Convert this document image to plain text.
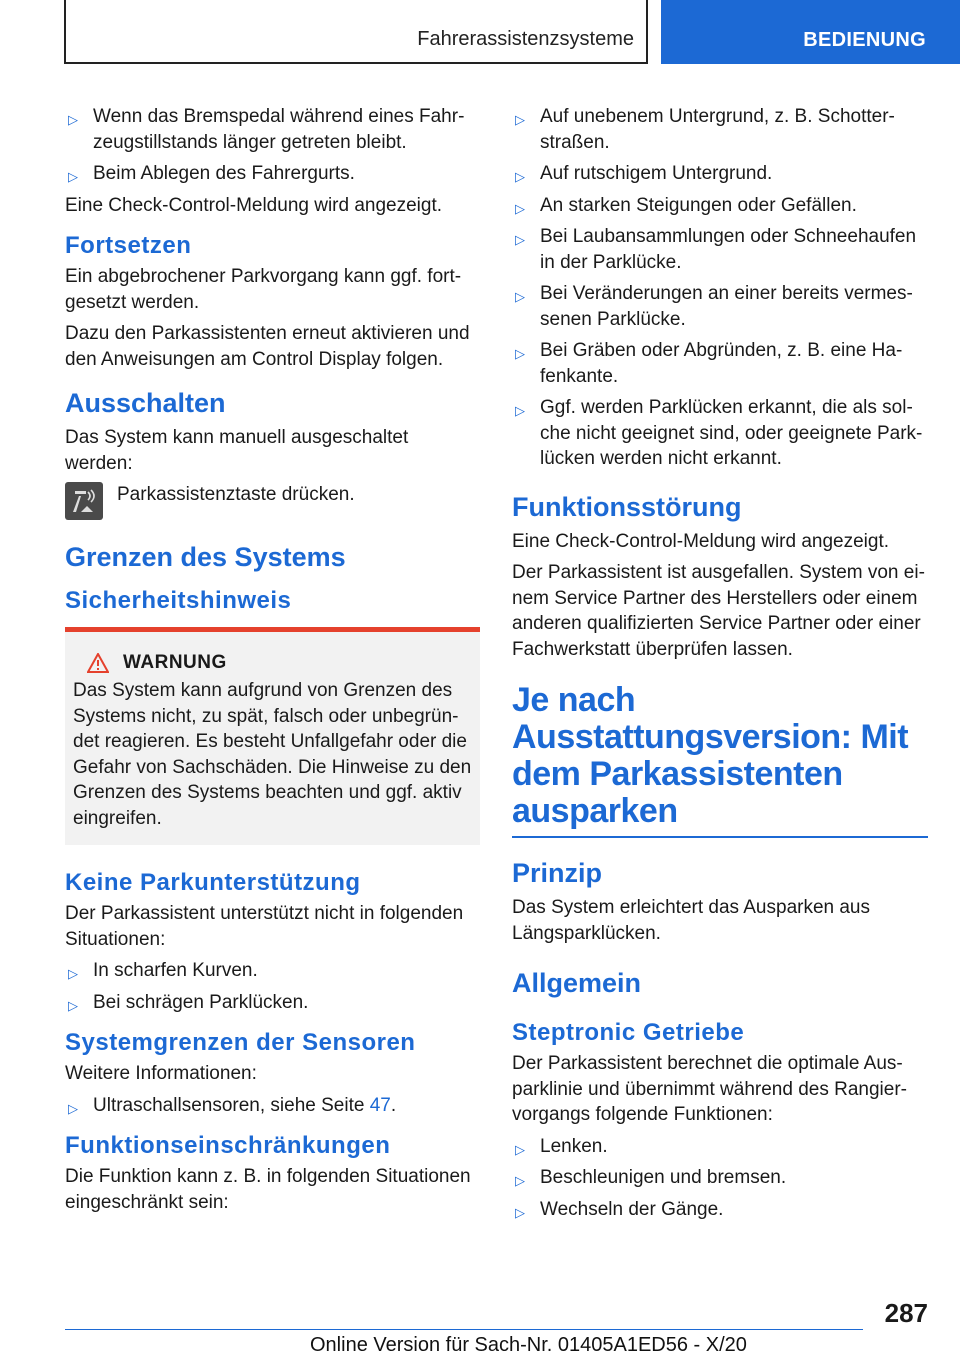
Fahrerassistenzsysteme	BEDIENUNG
▷ Wenn das Bremspedal während eines Fahr-zeugstillstands länger getreten bleibt.
▷ Beim Ablegen des Fahrergurts.

Eine Check-Control-Meldung wird angezeigt.

Fortsetzen

Ein abgebrochener Parkvorgang kann ggf. fort-gesetzt werden.

Dazu den Parkassistenten erneut aktivieren und den Anweisungen am Control Display folgen.

Ausschalten

Das System kann manuell ausgeschaltet werden:

Parkassistenztaste drücken.

Grenzen des Systems
Sicherheitshinweis
WARNUNG

Das System kann aufgrund von Grenzen des Systems nicht, zu spät, falsch oder unbegrün-det reagieren. Es besteht Unfallgefahr oder die Gefahr von Sachschäden. Die Hinweise zu den Grenzen des Systems beachten und ggf. aktiv eingreifen.

Keine Parkunterstützung

Der Parkassistent unterstützt nicht in folgenden Situationen:

▷ In scharfen Kurven.
▷ Bei schrägen Parklücken.
Systemgrenzen der Sensoren

Weitere Informationen:

▷ Ultraschallsensoren, siehe Seite 47.
Funktionseinschränkungen

Die Funktion kann z. B. in folgenden Situationen eingeschränkt sein:

▷ Auf unebenem Untergrund, z. B. Schotter-straßen.
▷ Auf rutschigem Untergrund.
▷ An starken Steigungen oder Gefällen.
▷ Bei Laubansammlungen oder Schneehaufen in der Parklücke.
▷ Bei Veränderungen an einer bereits vermes-senen Parklücke.
▷ Bei Gräben oder Abgründen, z. B. eine Ha-fenkante.
▷ Ggf. werden Parklücken erkannt, die als sol-che nicht geeignet sind, oder geeignete Park-lücken werden nicht erkannt.
Funktionsstörung

Eine Check-Control-Meldung wird angezeigt.

Der Parkassistent ist ausgefallen. System von ei-nem Service Partner des Herstellers oder einem anderen qualifizierten Service Partner oder einer Fachwerkstatt überprüfen lassen.

Je nach Ausstattungsversion: Mit dem Parkassistenten ausparken
Prinzip

Das System erleichtert das Ausparken aus Längsparklücken.

Allgemein
Steptronic Getriebe

Der Parkassistent berechnet die optimale Aus-parklinie und übernimmt während des Rangier-vorgangs folgende Funktionen:

▷ Lenken.
▷ Beschleunigen und bremsen.
▷ Wechseln der Gänge.
287
Online Version für Sach-Nr. 01405A1ED56 - X/20
